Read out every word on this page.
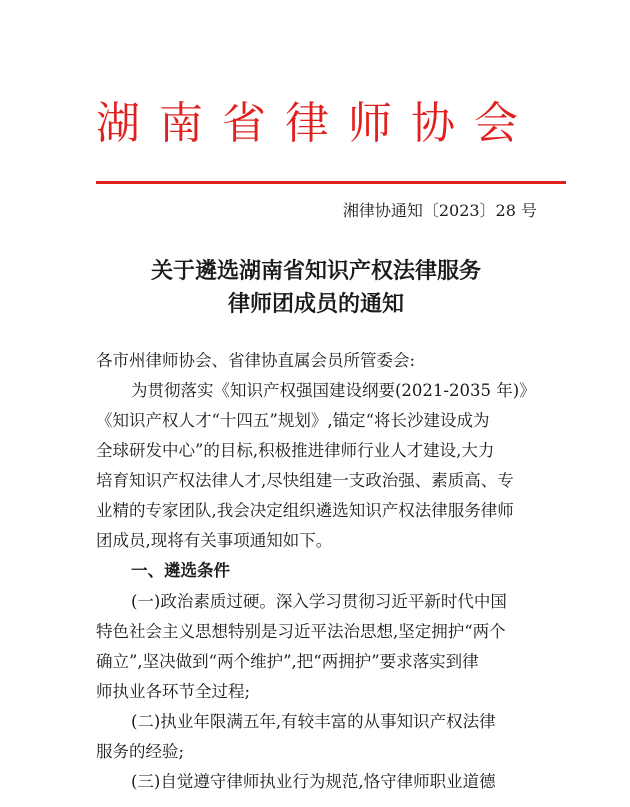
湖南省律师协会
湘律协通知〔2023〕28 号
关于遴选湖南省知识产权法律服务
律师团成员的通知
各市州律师协会、省律协直属会员所管委会:
为贯彻落实《知识产权强国建设纲要(2021-2035 年)》
《知识产权人才“十四五”规划》,锚定“将长沙建设成为
全球研发中心”的目标,积极推进律师行业人才建设,大力
培育知识产权法律人才,尽快组建一支政治强、素质高、专
业精的专家团队,我会决定组织遴选知识产权法律服务律师
团成员,现将有关事项通知如下。
一、遴选条件
(一)政治素质过硬。深入学习贯彻习近平新时代中国
特色社会主义思想特别是习近平法治思想,坚定拥护“两个
确立”,坚决做到“两个维护”,把“两拥护”要求落实到律
师执业各环节全过程;
(二)执业年限满五年,有较丰富的从事知识产权法律
服务的经验;
(三)自觉遵守律师执业行为规范,恪守律师职业道德
